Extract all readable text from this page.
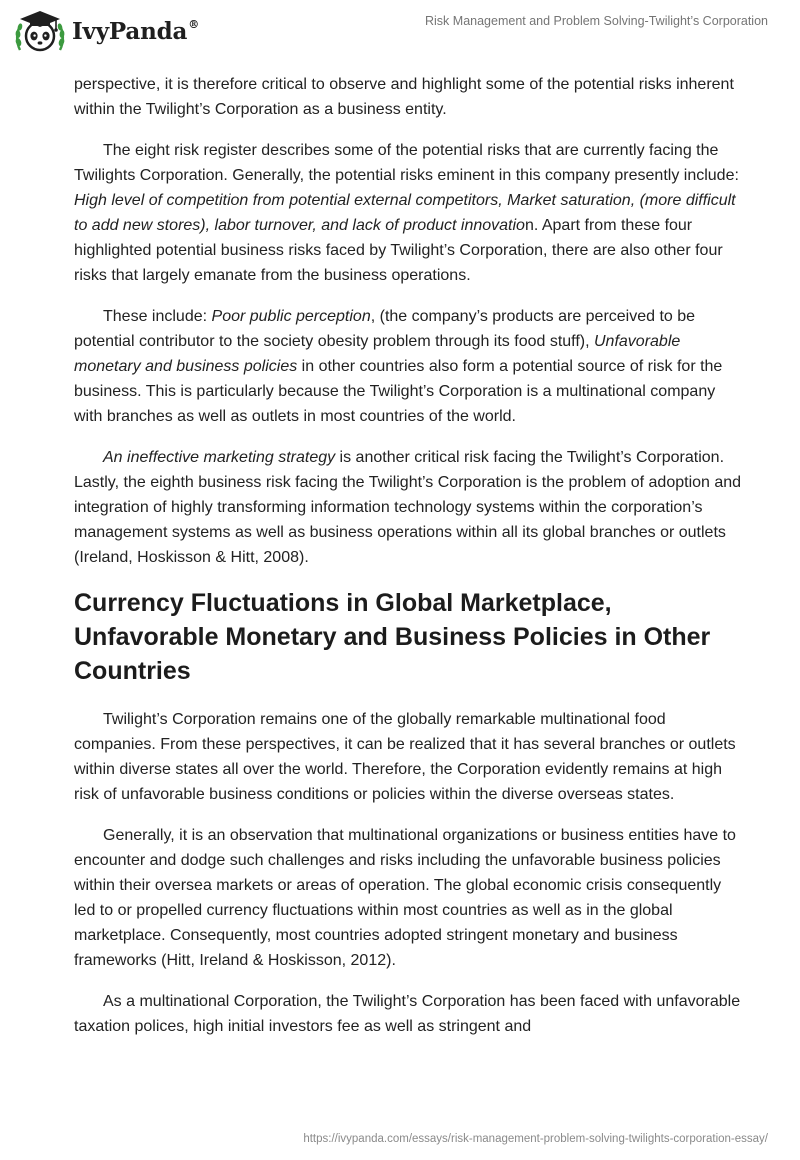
IvyPanda®	Risk Management and Problem Solving-Twilight’s Corporation

perspective, it is therefore critical to observe and highlight some of the potential risks inherent within the Twilight’s Corporation as a business entity.

The eight risk register describes some of the potential risks that are currently facing the Twilights Corporation. Generally, the potential risks eminent in this company presently include: High level of competition from potential external competitors, Market saturation, (more difficult to add new stores), labor turnover, and lack of product innovation. Apart from these four highlighted potential business risks faced by Twilight’s Corporation, there are also other four risks that largely emanate from the business operations.

These include: Poor public perception, (the company’s products are perceived to be potential contributor to the society obesity problem through its food stuff), Unfavorable monetary and business policies in other countries also form a potential source of risk for the business. This is particularly because the Twilight’s Corporation is a multinational company with branches as well as outlets in most countries of the world.

An ineffective marketing strategy is another critical risk facing the Twilight’s Corporation. Lastly, the eighth business risk facing the Twilight’s Corporation is the problem of adoption and integration of highly transforming information technology systems within the corporation’s management systems as well as business operations within all its global branches or outlets (Ireland, Hoskisson & Hitt, 2008).

Currency Fluctuations in Global Marketplace, Unfavorable Monetary and Business Policies in Other Countries

Twilight’s Corporation remains one of the globally remarkable multinational food companies. From these perspectives, it can be realized that it has several branches or outlets within diverse states all over the world. Therefore, the Corporation evidently remains at high risk of unfavorable business conditions or policies within the diverse overseas states.

Generally, it is an observation that multinational organizations or business entities have to encounter and dodge such challenges and risks including the unfavorable business policies within their oversea markets or areas of operation. The global economic crisis consequently led to or propelled currency fluctuations within most countries as well as in the global marketplace. Consequently, most countries adopted stringent monetary and business frameworks (Hitt, Ireland & Hoskisson, 2012).

As a multinational Corporation, the Twilight’s Corporation has been faced with unfavorable taxation polices, high initial investors fee as well as stringent and

https://ivypanda.com/essays/risk-management-problem-solving-twilights-corporation-essay/
